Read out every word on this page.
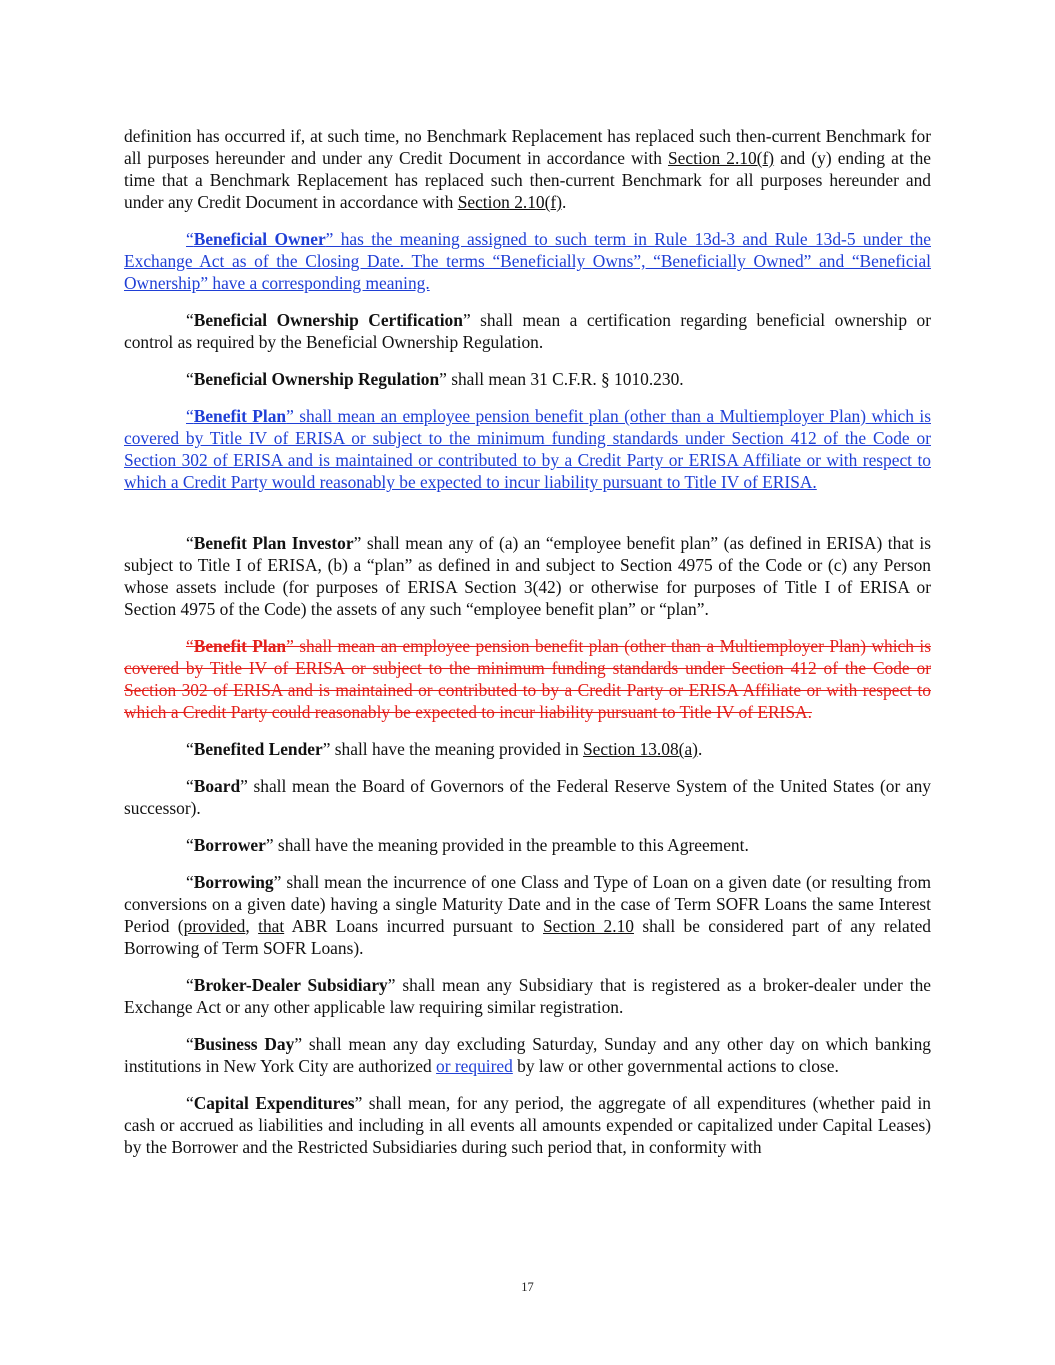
definition has occurred if, at such time, no Benchmark Replacement has replaced such then-current Benchmark for all purposes hereunder and under any Credit Document in accordance with Section 2.10(f) and (y) ending at the time that a Benchmark Replacement has replaced such then-current Benchmark for all purposes hereunder and under any Credit Document in accordance with Section 2.10(f).

“Beneficial Owner” has the meaning assigned to such term in Rule 13d-3 and Rule 13d-5 under the Exchange Act as of the Closing Date. The terms “Beneficially Owns”, “Beneficially Owned” and “Beneficial Ownership” have a corresponding meaning.

“Beneficial Ownership Certification” shall mean a certification regarding beneficial ownership or control as required by the Beneficial Ownership Regulation.

“Beneficial Ownership Regulation” shall mean 31 C.F.R. § 1010.230.

“Benefit Plan” shall mean an employee pension benefit plan (other than a Multiemployer Plan) which is covered by Title IV of ERISA or subject to the minimum funding standards under Section 412 of the Code or Section 302 of ERISA and is maintained or contributed to by a Credit Party or ERISA Affiliate or with respect to which a Credit Party would reasonably be expected to incur liability pursuant to Title IV of ERISA.

“Benefit Plan Investor” shall mean any of (a) an “employee benefit plan” (as defined in ERISA) that is subject to Title I of ERISA, (b) a “plan” as defined in and subject to Section 4975 of the Code or (c) any Person whose assets include (for purposes of ERISA Section 3(42) or otherwise for purposes of Title I of ERISA or Section 4975 of the Code) the assets of any such “employee benefit plan” or “plan”.

“Benefit Plan” shall mean an employee pension benefit plan (other than a Multiemployer Plan) which is covered by Title IV of ERISA or subject to the minimum funding standards under Section 412 of the Code or Section 302 of ERISA and is maintained or contributed to by a Credit Party or ERISA Affiliate or with respect to which a Credit Party could reasonably be expected to incur liability pursuant to Title IV of ERISA.

“Benefited Lender” shall have the meaning provided in Section 13.08(a).

“Board” shall mean the Board of Governors of the Federal Reserve System of the United States (or any successor).

“Borrower” shall have the meaning provided in the preamble to this Agreement.

“Borrowing” shall mean the incurrence of one Class and Type of Loan on a given date (or resulting from conversions on a given date) having a single Maturity Date and in the case of Term SOFR Loans the same Interest Period (provided, that ABR Loans incurred pursuant to Section 2.10 shall be considered part of any related Borrowing of Term SOFR Loans).

“Broker-Dealer Subsidiary” shall mean any Subsidiary that is registered as a broker-dealer under the Exchange Act or any other applicable law requiring similar registration.

“Business Day” shall mean any day excluding Saturday, Sunday and any other day on which banking institutions in New York City are authorized or required by law or other governmental actions to close.

“Capital Expenditures” shall mean, for any period, the aggregate of all expenditures (whether paid in cash or accrued as liabilities and including in all events all amounts expended or capitalized under Capital Leases) by the Borrower and the Restricted Subsidiaries during such period that, in conformity with

17
